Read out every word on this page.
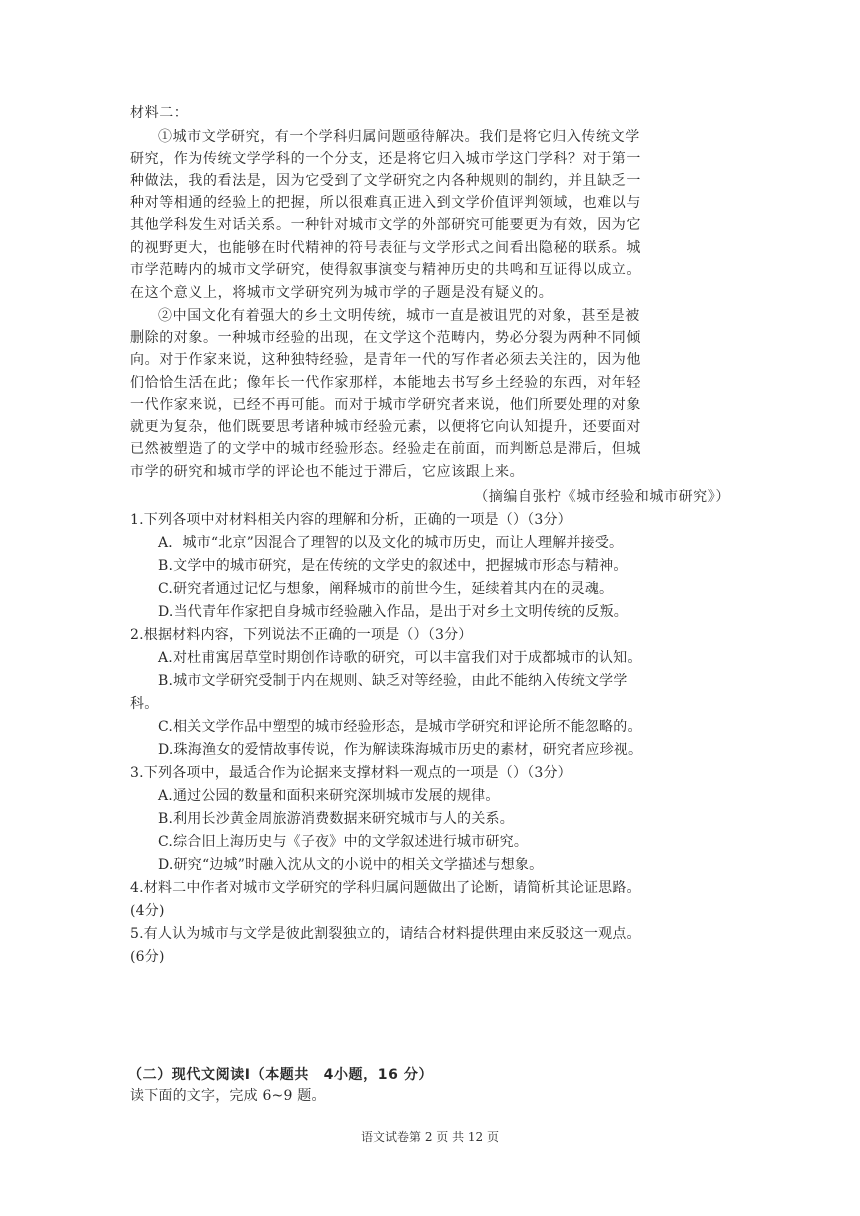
材料二：
①城市文学研究，有一个学科归属问题亟待解决。我们是将它归入传统文学
研究，作为传统文学学科的一个分支，还是将它归入城市学这门学科？对于第一
种做法，我的看法是，因为它受到了文学研究之内各种规则的制约，并且缺乏一
种对等相通的经验上的把握，所以很难真正进入到文学价值评判领域，也难以与
其他学科发生对话关系。一种针对城市文学的外部研究可能要更为有效，因为它
的视野更大，也能够在时代精神的符号表征与文学形式之间看出隐秘的联系。城
市学范畴内的城市文学研究，使得叙事演变与精神历史的共鸣和互证得以成立。
在这个意义上，将城市文学研究列为城市学的子题是没有疑义的。
②中国文化有着强大的乡土文明传统，城市一直是被诅咒的对象，甚至是被
删除的对象。一种城市经验的出现，在文学这个范畴内，势必分裂为两种不同倾
向。对于作家来说，这种独特经验，是青年一代的写作者必须去关注的，因为他
们恰恰生活在此；像年长一代作家那样，本能地去书写乡土经验的东西，对年轻
一代作家来说，已经不再可能。而对于城市学研究者来说，他们所要处理的对象
就更为复杂，他们既要思考诸种城市经验元素，以便将它向认知提升，还要面对
已然被塑造了的文学中的城市经验形态。经验走在前面，而判断总是滞后，但城
市学的研究和城市学的评论也不能过于滞后，它应该跟上来。
（摘编自张柠《城市经验和城市研究》）
1.下列各项中对材料相关内容的理解和分析，正确的一项是（）（3分）
A．城市“北京”因混合了理智的以及文化的城市历史，而让人理解并接受。
B.文学中的城市研究，是在传统的文学史的叙述中，把握城市形态与精神。
C.研究者通过记忆与想象，阐释城市的前世今生，延续着其内在的灵魂。
D.当代青年作家把自身城市经验融入作品，是出于对乡土文明传统的反叛。
2.根据材料内容，下列说法不正确的一项是（）（3分）
A.对杜甫寓居草堂时期创作诗歌的研究，可以丰富我们对于成都城市的认知。
B.城市文学研究受制于内在规则、缺乏对等经验，由此不能纳入传统文学学
科。
C.相关文学作品中塑型的城市经验形态，是城市学研究和评论所不能忽略的。
D.珠海渔女的爱情故事传说，作为解读珠海城市历史的素材，研究者应珍视。
3.下列各项中，最适合作为论据来支撑材料一观点的一项是（）（3分）
A.通过公园的数量和面积来研究深圳城市发展的规律。
B.利用长沙黄金周旅游消费数据来研究城市与人的关系。
C.综合旧上海历史与《子夜》中的文学叙述进行城市研究。
D.研究“边城”时融入沈从文的小说中的相关文学描述与想象。
4.材料二中作者对城市文学研究的学科归属问题做出了论断，请简析其论证思路。
(4分)
5.有人认为城市与文学是彼此割裂独立的，请结合材料提供理由来反驳这一观点。
(6分)
（二）现代文阅读Ⅰ（本题共　4小题，16 分）
读下面的文字，完成 6~9 题。
语文试卷第 2 页 共 12 页
